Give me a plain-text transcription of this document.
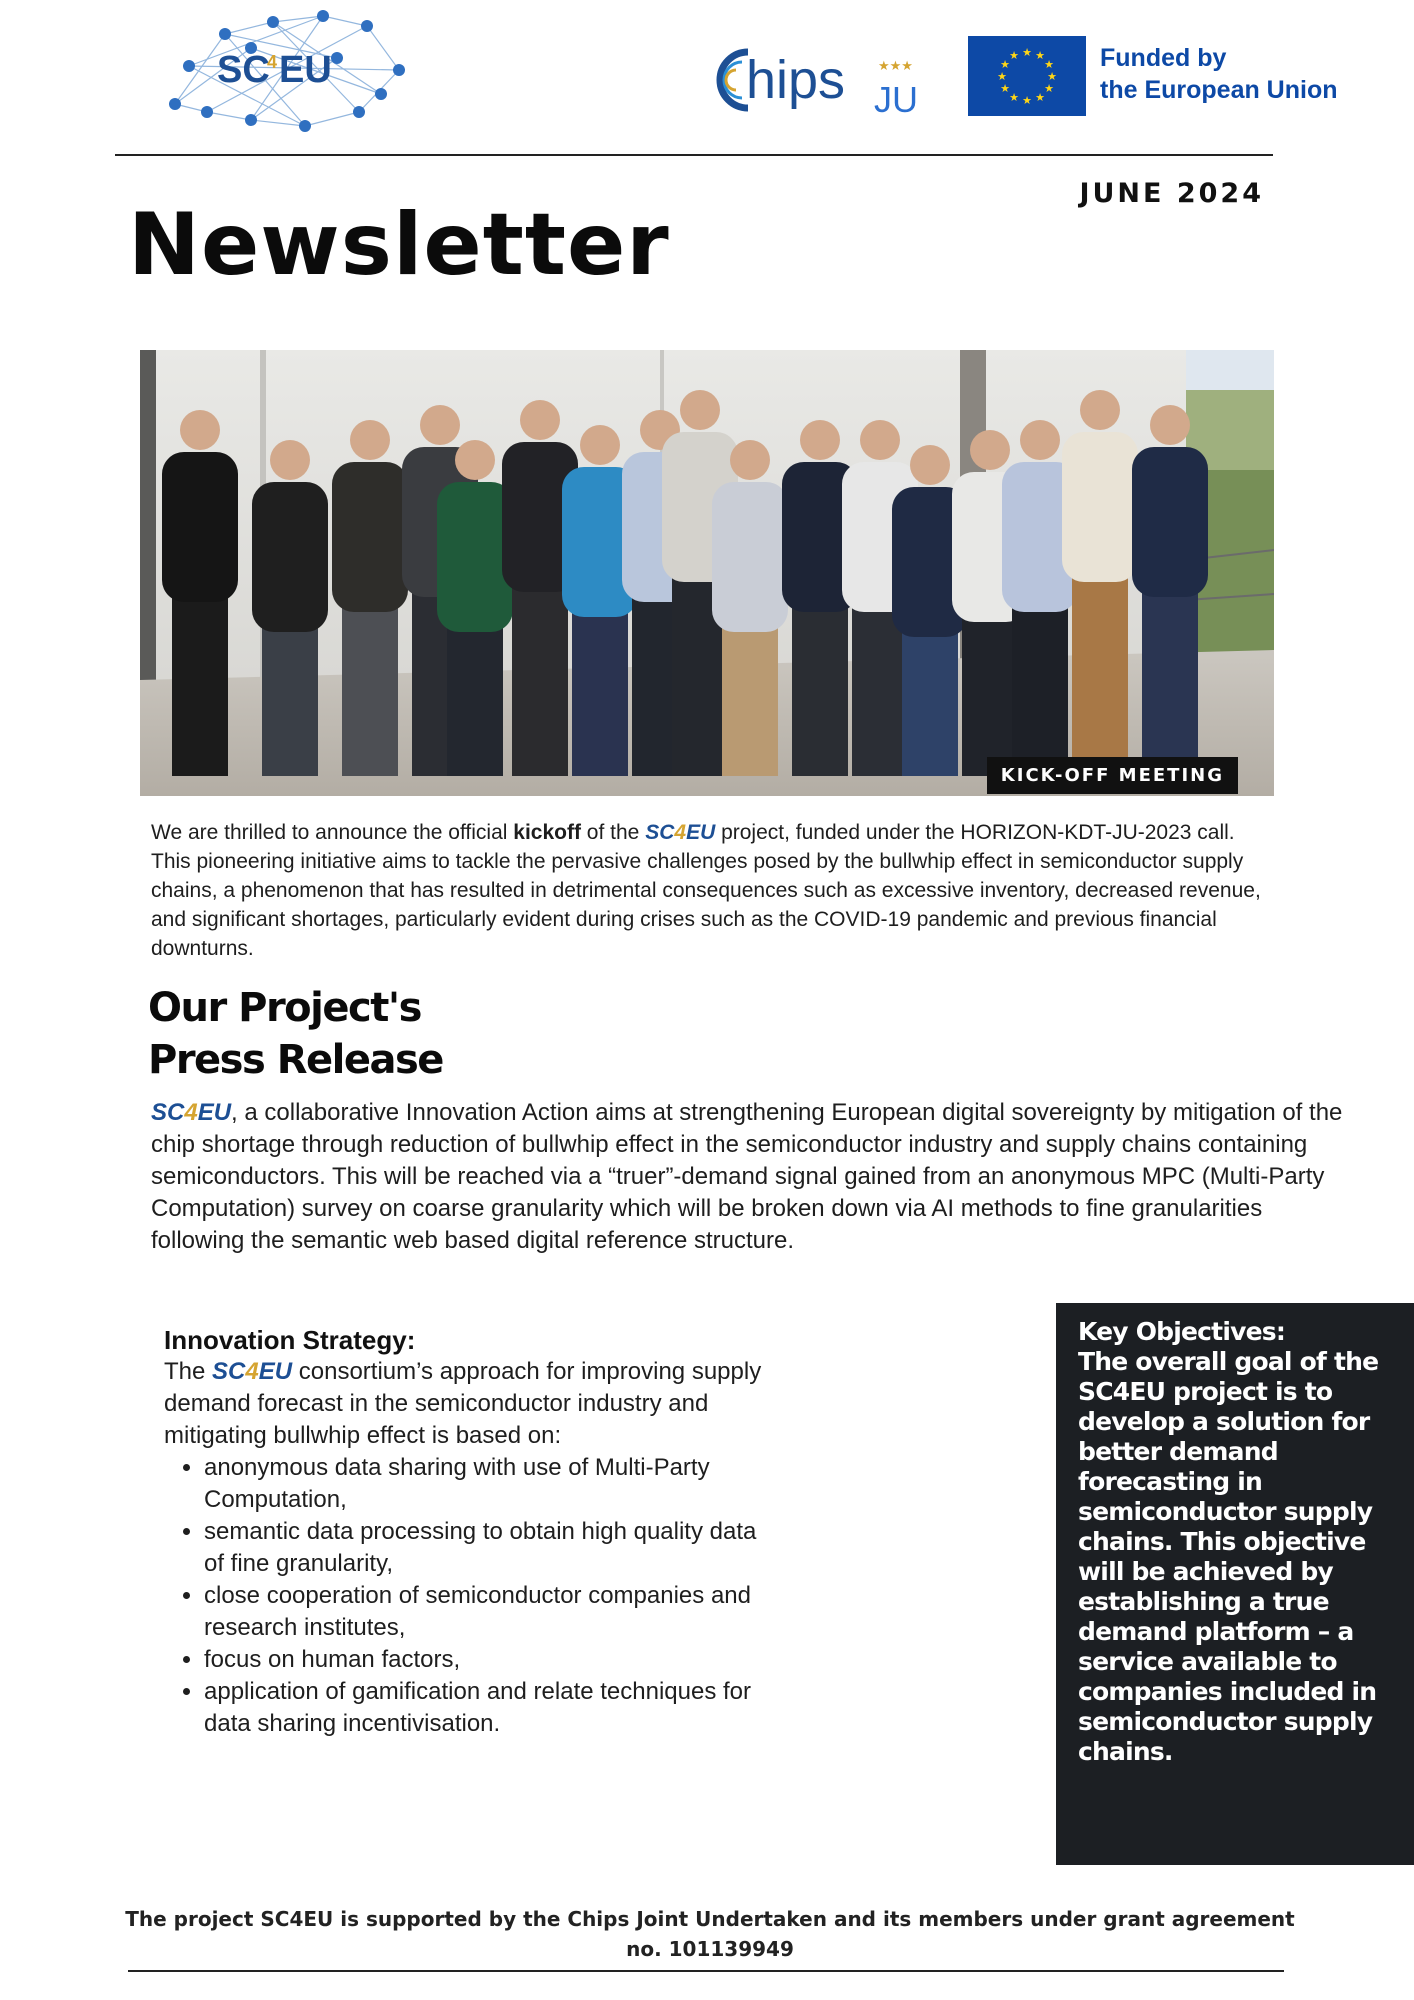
SC
4 EU	hips JU
★★★
★ ★
★
★
★
★
★
★
★
★
★
★	Funded by
the European Union
JUNE 2024
Newsletter
KICK-OFF MEETING
We are thrilled to announce the official kickoff of the SC4EU project, funded under the HORIZON-KDT-JU-2023 call. This pioneering initiative aims to tackle the pervasive challenges posed by the bullwhip effect in semiconductor supply chains, a phenomenon that has resulted in detrimental consequences such as excessive inventory, decreased revenue, and significant shortages, particularly evident during crises such as the COVID-19 pandemic and previous financial downturns.
Our Project's
Press Release
SC4EU, a collaborative Innovation Action aims at strengthening European digital sovereignty by mitigation of the chip shortage through reduction of bullwhip effect in the semiconductor industry and supply chains containing semiconductors. This will be reached via a “truer”-demand signal gained from an anonymous MPC (Multi-Party Computation) survey on coarse granularity which will be broken down via AI methods to fine granularities following the semantic web based digital reference structure.
Innovation Strategy:
The SC4EU consortium’s approach for improving supply demand forecast in the semiconductor industry and mitigating bullwhip effect is based on:
• anonymous data sharing with use of Multi-Party Computation,
• semantic data processing to obtain high quality data of fine granularity,
• close cooperation of semiconductor companies and research institutes,
• focus on human factors,
• application of gamification and relate techniques for data sharing incentivisation.
Key Objectives:
The overall goal of the SC4EU project is to develop a solution for better demand forecasting in semiconductor supply chains. This objective will be achieved by establishing a true demand platform – a service available to companies included in semiconductor supply chains.
The project SC4EU is supported by the Chips Joint Undertaken and its members under grant agreement
no. 101139949
